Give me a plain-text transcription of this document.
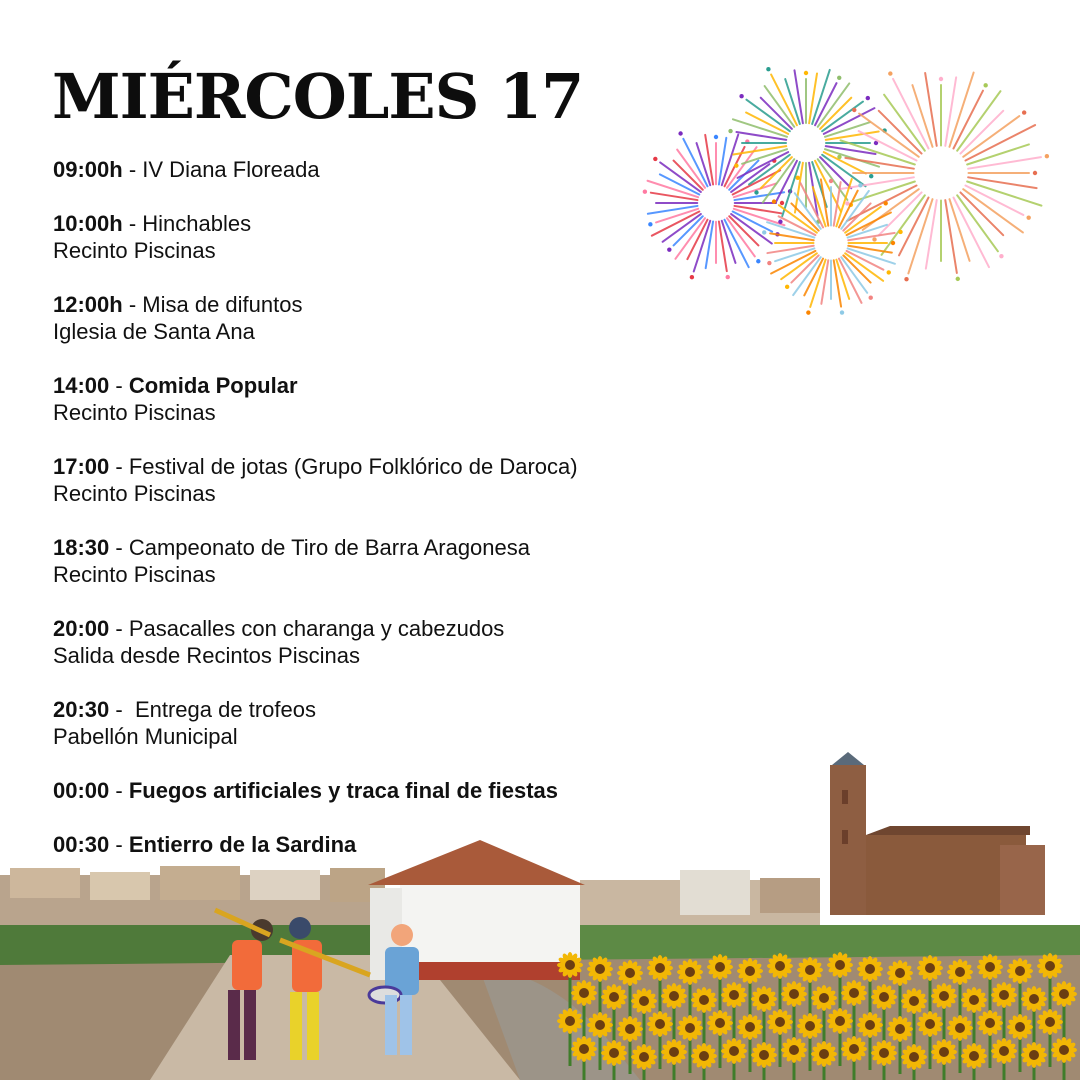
MIÉRCOLES 17
09:00h - IV Diana Floreada
10:00h - Hinchables
Recinto Piscinas
12:00h - Misa de difuntos
Iglesia de Santa Ana
14:00 - Comida Popular
Recinto Piscinas
17:00 - Festival de jotas (Grupo Folklórico de Daroca)
Recinto Piscinas
18:30 - Campeonato de Tiro de Barra Aragonesa
Recinto Piscinas
20:00 - Pasacalles con charanga y cabezudos
Salida desde Recintos Piscinas
20:30 -  Entrega de trofeos
Pabellón Municipal
00:00 - Fuegos artificiales y traca final de fiestas
00:30 - Entierro de la Sardina
